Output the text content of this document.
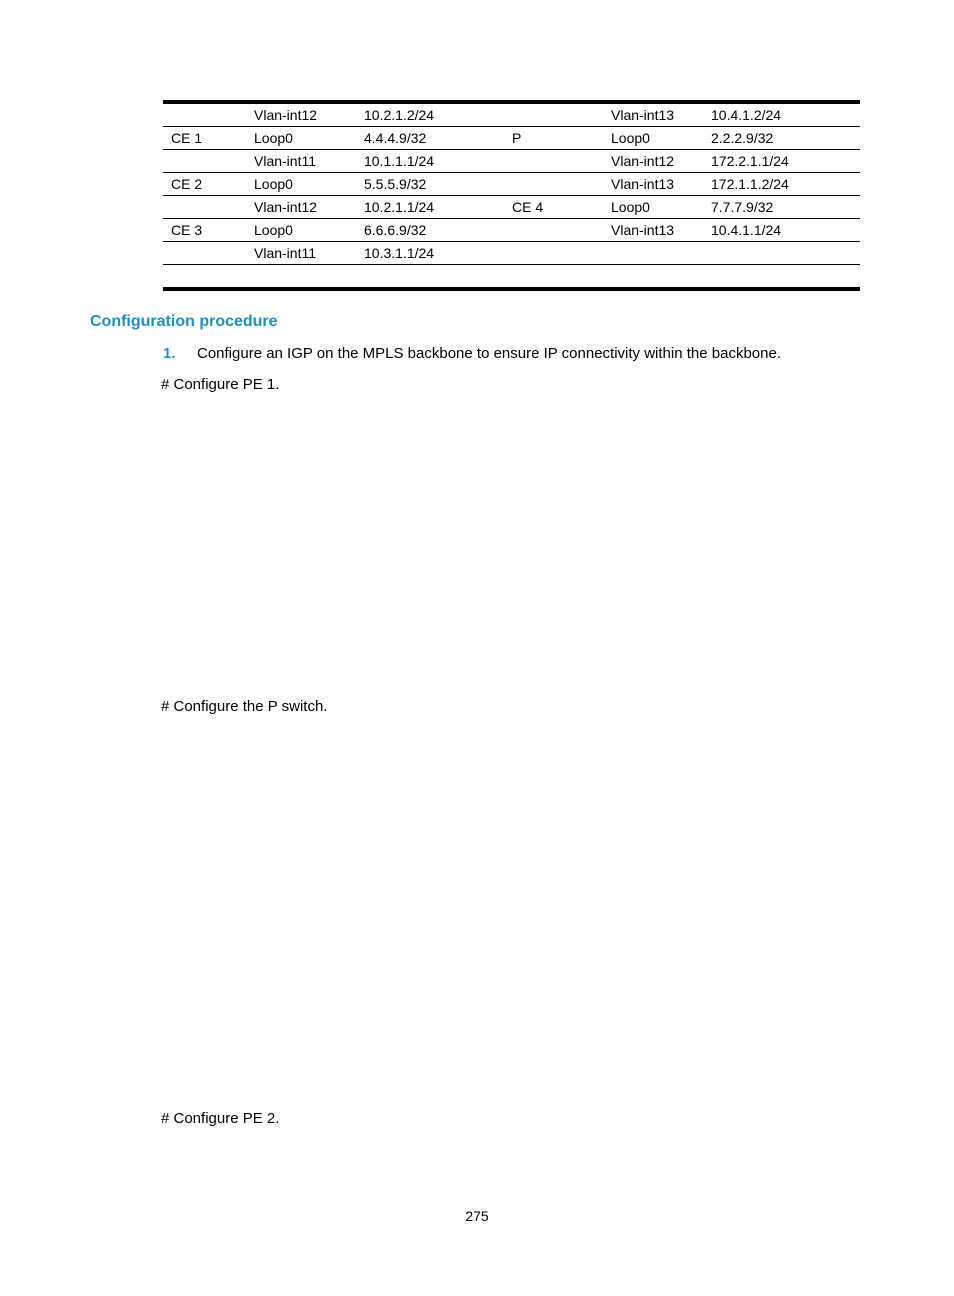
	Vlan-int12	10.2.1.2/24		Vlan-int13	10.4.1.2/24
CE 1	Loop0	4.4.4.9/32	P	Loop0	2.2.2.9/32
	Vlan-int11	10.1.1.1/24		Vlan-int12	172.2.1.1/24
CE 2	Loop0	5.5.5.9/32		Vlan-int13	172.1.1.2/24
	Vlan-int12	10.2.1.1/24	CE 4	Loop0	7.7.7.9/32
CE 3	Loop0	6.6.6.9/32		Vlan-int13	10.4.1.1/24
	Vlan-int11	10.3.1.1/24			

Configuration procedure
1. Configure an IGP on the MPLS backbone to ensure IP connectivity within the backbone.

# Configure PE 1.

# Configure the P switch.

# Configure PE 2.

275
